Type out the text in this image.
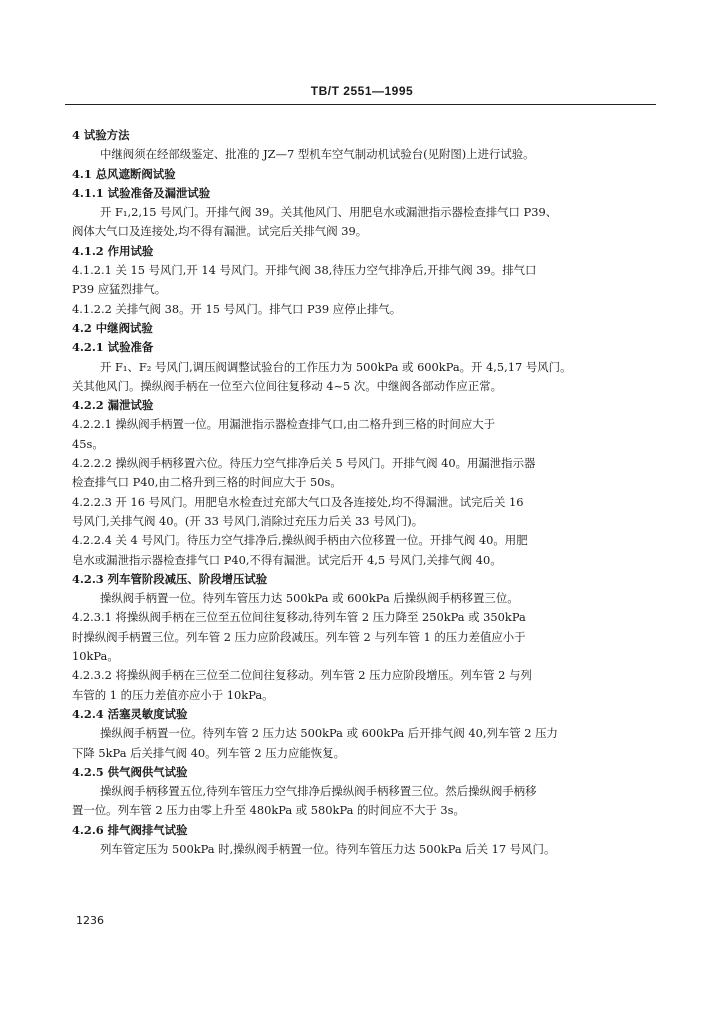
TB/T 2551—1995

4 试验方法

中继阀须在经部级鉴定、批准的 JZ—7 型机车空气制动机试验台(见附图)上进行试验。

4.1 总风遮断阀试验

4.1.1 试验准备及漏泄试验

开 F₁,2,15 号风门。开排气阀 39。关其他风门、用肥皂水或漏泄指示器检查排气口 P39、

阀体大气口及连接处,均不得有漏泄。试完后关排气阀 39。

4.1.2 作用试验

4.1.2.1 关 15 号风门,开 14 号风门。开排气阀 38,待压力空气排净后,开排气阀 39。排气口

P39 应猛烈排气。

4.1.2.2 关排气阀 38。开 15 号风门。排气口 P39 应停止排气。

4.2 中继阀试验

4.2.1 试验准备

开 F₁、F₂ 号风门,调压阀调整试验台的工作压力为 500kPa 或 600kPa。开 4,5,17 号风门。

关其他风门。操纵阀手柄在一位至六位间往复移动 4~5 次。中继阀各部动作应正常。

4.2.2 漏泄试验

4.2.2.1 操纵阀手柄置一位。用漏泄指示器检查排气口,由二格升到三格的时间应大于

45s。

4.2.2.2 操纵阀手柄移置六位。待压力空气排净后关 5 号风门。开排气阀 40。用漏泄指示器

检查排气口 P40,由二格升到三格的时间应大于 50s。

4.2.2.3 开 16 号风门。用肥皂水检查过充部大气口及各连接处,均不得漏泄。试完后关 16

号风门,关排气阀 40。(开 33 号风门,消除过充压力后关 33 号风门)。

4.2.2.4 关 4 号风门。待压力空气排净后,操纵阀手柄由六位移置一位。开排气阀 40。用肥

皂水或漏泄指示器检查排气口 P40,不得有漏泄。试完后开 4,5 号风门,关排气阀 40。

4.2.3 列车管阶段减压、阶段增压试验

操纵阀手柄置一位。待列车管压力达 500kPa 或 600kPa 后操纵阀手柄移置三位。

4.2.3.1 将操纵阀手柄在三位至五位间往复移动,待列车管 2 压力降至 250kPa 或 350kPa

时操纵阀手柄置三位。列车管 2 压力应阶段减压。列车管 2 与列车管 1 的压力差值应小于

10kPa。

4.2.3.2 将操纵阀手柄在三位至二位间往复移动。列车管 2 压力应阶段增压。列车管 2 与列

车管的 1 的压力差值亦应小于 10kPa。

4.2.4 活塞灵敏度试验

操纵阀手柄置一位。待列车管 2 压力达 500kPa 或 600kPa 后开排气阀 40,列车管 2 压力

下降 5kPa 后关排气阀 40。列车管 2 压力应能恢复。

4.2.5 供气阀供气试验

操纵阀手柄移置五位,待列车管压力空气排净后操纵阀手柄移置三位。然后操纵阀手柄移

置一位。列车管 2 压力由零上升至 480kPa 或 580kPa 的时间应不大于 3s。

4.2.6 排气阀排气试验

列车管定压为 500kPa 时,操纵阀手柄置一位。待列车管压力达 500kPa 后关 17 号风门。

1236
